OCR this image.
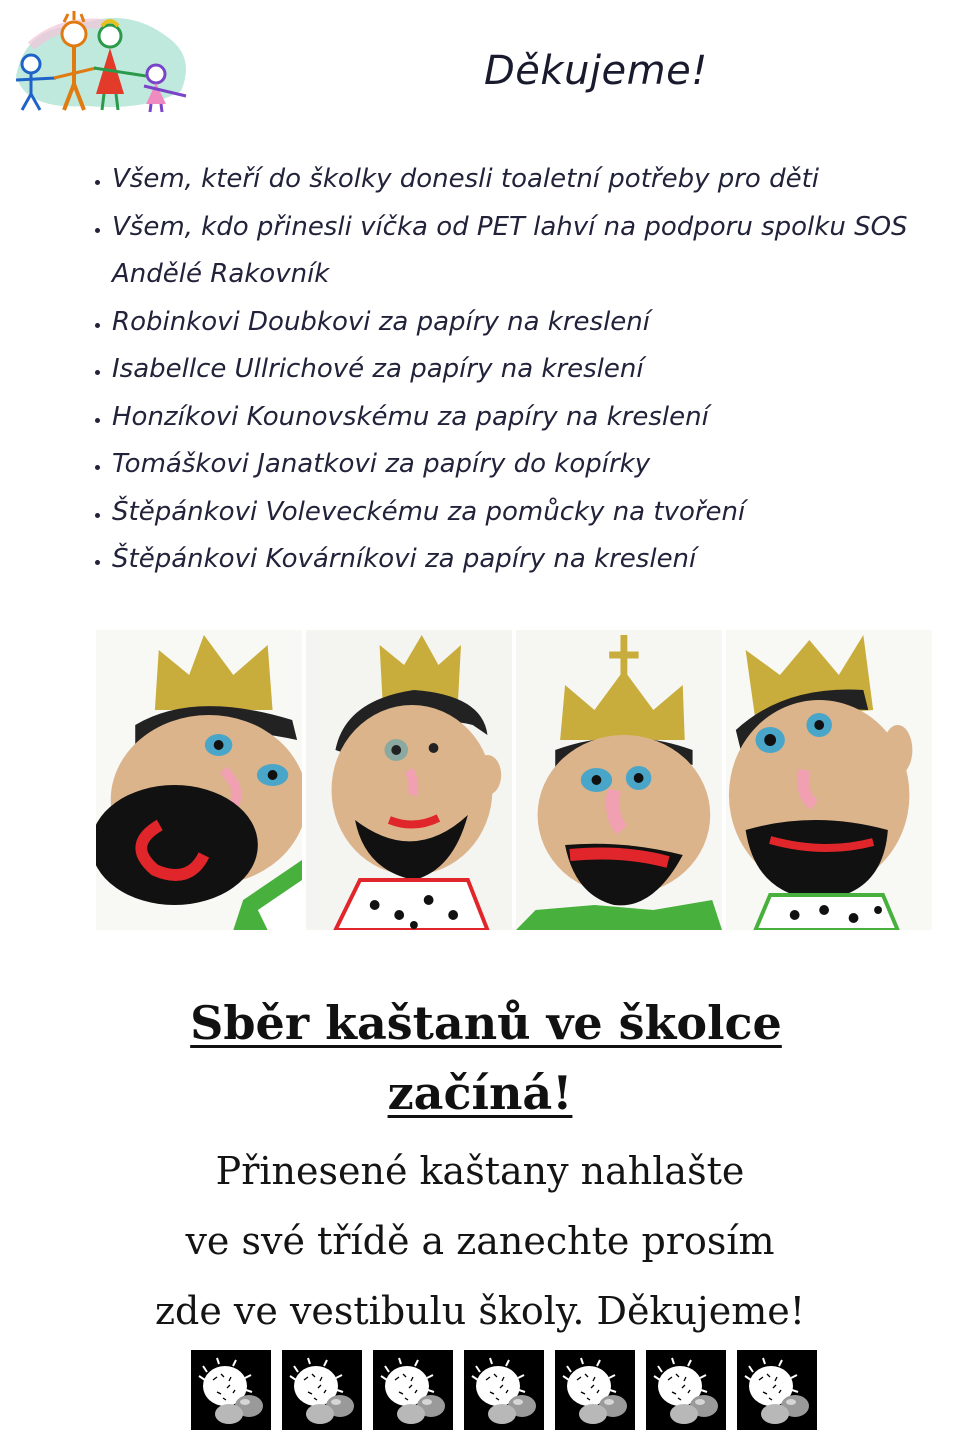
Děkujeme!
• Všem, kteří do školky donesli toaletní potřeby pro děti
• Všem, kdo přinesli víčka od PET lahví na podporu spolku SOS Andělé Rakovník
• Robinkovi Doubkovi za papíry na kreslení
• Isabellce Ullrichové za papíry na kreslení
• Honzíkovi Kounovskému za papíry na kreslení
• Tomáškovi Janatkovi za papíry do kopírky
• Štěpánkovi Voleveckému za pomůcky na tvoření
• Štěpánkovi Kovárníkovi za papíry na kreslení
Sběr kaštanů ve školce
začíná!
Přinesené kaštany nahlašte
ve své třídě a zanechte prosím
zde ve vestibulu školy. Děkujeme!
